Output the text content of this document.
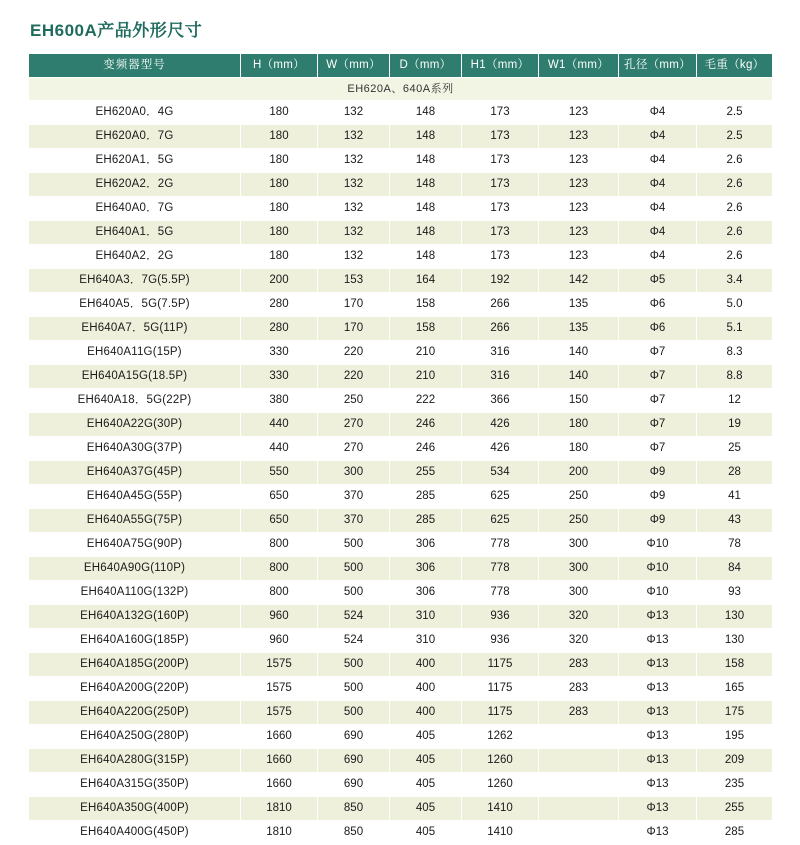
EH600A产品外形尺寸
变频器型号	H（mm）	W（mm）	D（mm）	H1（mm）	W1（mm）	孔径（mm）	毛重（kg）
EH620A、640A系列							
EH620A0．4G	180	132	148	173	123	Φ4	2.5
EH620A0．7G	180	132	148	173	123	Φ4	2.5
EH620A1．5G	180	132	148	173	123	Φ4	2.6
EH620A2．2G	180	132	148	173	123	Φ4	2.6
EH640A0．7G	180	132	148	173	123	Φ4	2.6
EH640A1．5G	180	132	148	173	123	Φ4	2.6
EH640A2．2G	180	132	148	173	123	Φ4	2.6
EH640A3．7G(5.5P)	200	153	164	192	142	Φ5	3.4
EH640A5．5G(7.5P)	280	170	158	266	135	Φ6	5.0
EH640A7．5G(11P)	280	170	158	266	135	Φ6	5.1
EH640A11G(15P)	330	220	210	316	140	Φ7	8.3
EH640A15G(18.5P)	330	220	210	316	140	Φ7	8.8
EH640A18．5G(22P)	380	250	222	366	150	Φ7	12
EH640A22G(30P)	440	270	246	426	180	Φ7	19
EH640A30G(37P)	440	270	246	426	180	Φ7	25
EH640A37G(45P)	550	300	255	534	200	Φ9	28
EH640A45G(55P)	650	370	285	625	250	Φ9	41
EH640A55G(75P)	650	370	285	625	250	Φ9	43
EH640A75G(90P)	800	500	306	778	300	Φ10	78
EH640A90G(110P)	800	500	306	778	300	Φ10	84
EH640A110G(132P)	800	500	306	778	300	Φ10	93
EH640A132G(160P)	960	524	310	936	320	Φ13	130
EH640A160G(185P)	960	524	310	936	320	Φ13	130
EH640A185G(200P)	1575	500	400	1175	283	Φ13	158
EH640A200G(220P)	1575	500	400	1175	283	Φ13	165
EH640A220G(250P)	1575	500	400	1175	283	Φ13	175
EH640A250G(280P)	1660	690	405	1262		Φ13	195
EH640A280G(315P)	1660	690	405	1260		Φ13	209
EH640A315G(350P)	1660	690	405	1260		Φ13	235
EH640A350G(400P)	1810	850	405	1410		Φ13	255
EH640A400G(450P)	1810	850	405	1410		Φ13	285
